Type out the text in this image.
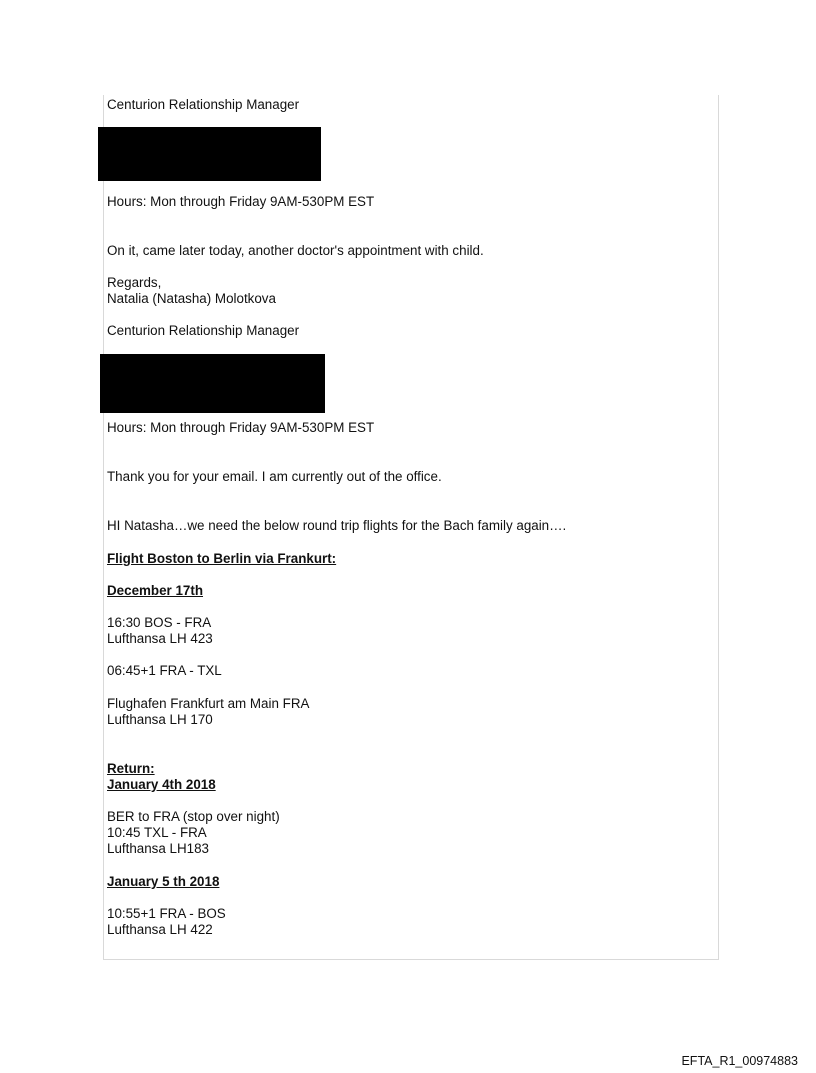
Centurion Relationship Manager
Hours: Mon through Friday 9AM-530PM EST
On it, came later today, another doctor's appointment with child.
Regards,
Natalia (Natasha) Molotkova
Centurion Relationship Manager
Hours: Mon through Friday 9AM-530PM EST
Thank you for your email. I am currently out of the office.
HI Natasha…we need the below round trip flights for the Bach family again….
Flight Boston to Berlin via Frankurt:
December 17th
16:30 BOS - FRA
Lufthansa LH 423
06:45+1 FRA - TXL
Flughafen Frankfurt am Main FRA
Lufthansa LH 170
Return:
January 4th 2018
BER to FRA (stop over night)
10:45 TXL - FRA
Lufthansa LH183
January 5 th 2018
10:55+1 FRA - BOS
Lufthansa LH 422
EFTA_R1_00974883
